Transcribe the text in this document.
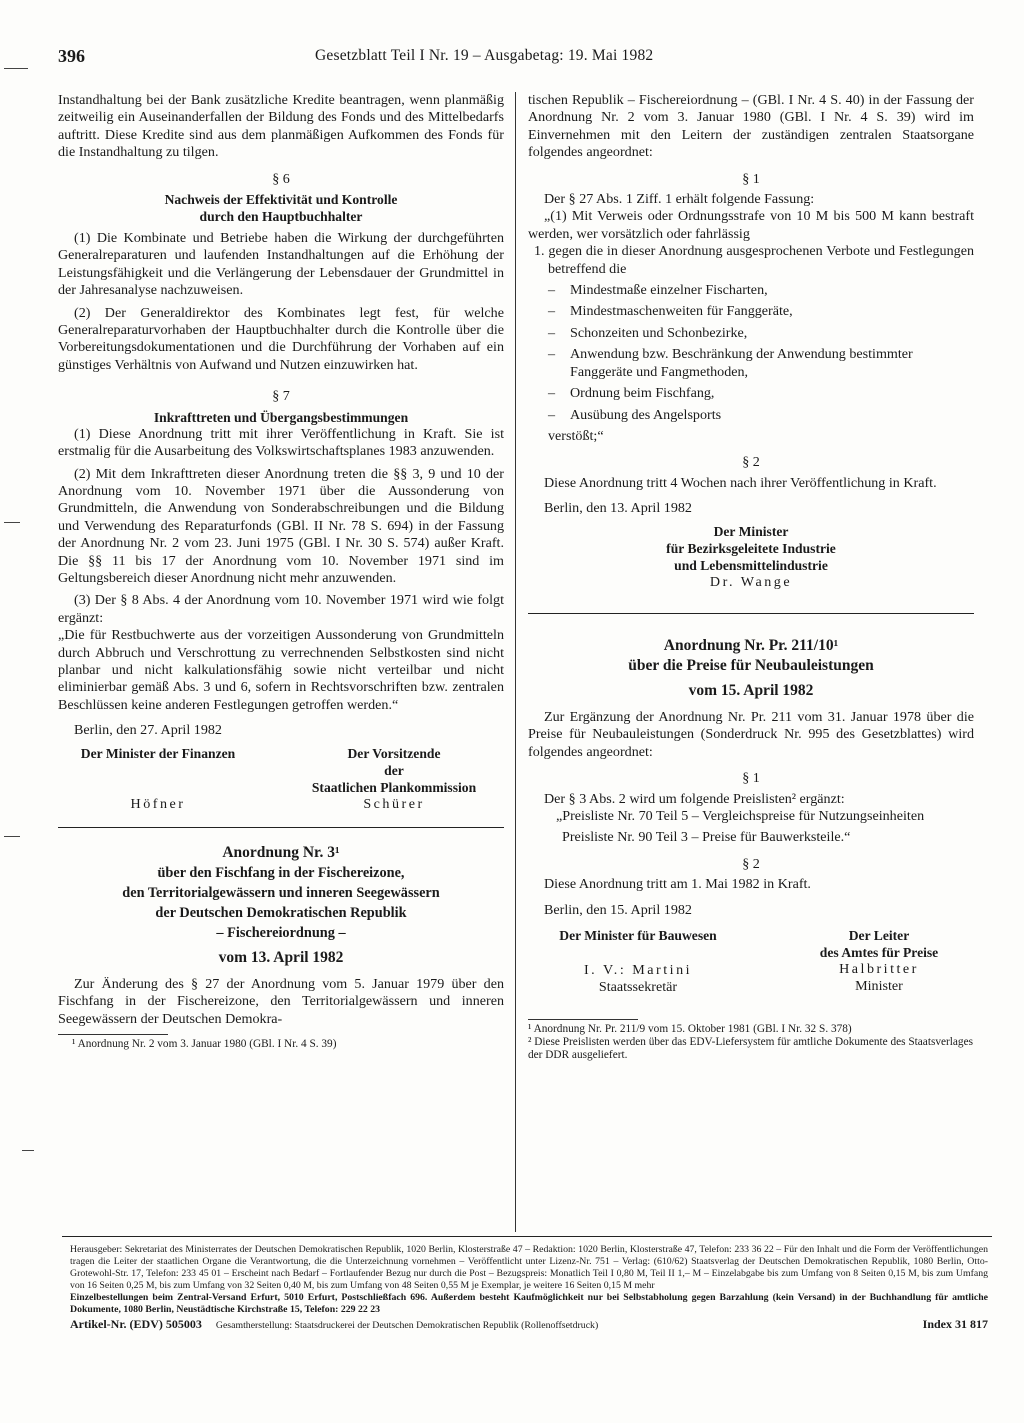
396	Gesetzblatt Teil I Nr. 19 – Ausgabetag: 19. Mai 1982

Instandhaltung bei der Bank zusätzliche Kredite beantragen, wenn planmäßig zeitweilig ein Auseinanderfallen der Bildung des Fonds und des Mittelbedarfs auftritt. Diese Kredite sind aus dem planmäßigen Aufkommen des Fonds für die Instandhaltung zu tilgen.

§ 6
Nachweis der Effektivität und Kontrolle
durch den Hauptbuchhalter

(1) Die Kombinate und Betriebe haben die Wirkung der durchgeführten Generalreparaturen und laufenden Instandhaltungen auf die Erhöhung der Leistungsfähigkeit und die Verlängerung der Lebensdauer der Grundmittel in der Jahresanalyse nachzuweisen.

(2) Der Generaldirektor des Kombinates legt fest, für welche Generalreparaturvorhaben der Hauptbuchhalter durch die Kontrolle über die Vorbereitungsdokumentationen und die Durchführung der Vorhaben auf ein günstiges Verhältnis von Aufwand und Nutzen einzuwirken hat.

§ 7
Inkrafttreten und Übergangsbestimmungen

(1) Diese Anordnung tritt mit ihrer Veröffentlichung in Kraft. Sie ist erstmalig für die Ausarbeitung des Volkswirtschaftsplanes 1983 anzuwenden.

(2) Mit dem Inkrafttreten dieser Anordnung treten die §§ 3, 9 und 10 der Anordnung vom 10. November 1971 über die Aussonderung von Grundmitteln, die Anwendung von Sonderabschreibungen und die Bildung und Verwendung des Reparaturfonds (GBl. II Nr. 78 S. 694) in der Fassung der Anordnung Nr. 2 vom 23. Juni 1975 (GBl. I Nr. 30 S. 574) außer Kraft. Die §§ 11 bis 17 der Anordnung vom 10. November 1971 sind im Geltungsbereich dieser Anordnung nicht mehr anzuwenden.

(3) Der § 8 Abs. 4 der Anordnung vom 10. November 1971 wird wie folgt ergänzt:

„Die für Restbuchwerte aus der vorzeitigen Aussonderung von Grundmitteln durch Abbruch und Verschrottung zu verrechnenden Selbstkosten sind nicht planbar und nicht kalkulationsfähig sowie nicht verteilbar und nicht eliminierbar gemäß Abs. 3 und 6, sofern in Rechtsvorschriften bzw. zentralen Beschlüssen keine anderen Festlegungen getroffen werden.“

Berlin, den 27. April 1982

Der Minister der Finanzen
Höfner
Der Vorsitzende
der
Staatlichen Plankommission
Schürer
Anordnung Nr. 3¹
über den Fischfang in der Fischereizone,
den Territorialgewässern und inneren Seegewässern
der Deutschen Demokratischen Republik
– Fischereiordnung –
vom 13. April 1982

Zur Änderung des § 27 der Anordnung vom 5. Januar 1979 über den Fischfang in der Fischereizone, den Territorialgewässern und inneren Seegewässern der Deutschen Demokra-

¹ Anordnung Nr. 2 vom 3. Januar 1980 (GBl. I Nr. 4 S. 39)

tischen Republik – Fischereiordnung – (GBl. I Nr. 4 S. 40) in der Fassung der Anordnung Nr. 2 vom 3. Januar 1980 (GBl. I Nr. 4 S. 39) wird im Einvernehmen mit den Leitern der zuständigen zentralen Staatsorgane folgendes angeordnet:

§ 1

Der § 27 Abs. 1 Ziff. 1 erhält folgende Fassung:

„(1) Mit Verweis oder Ordnungsstrafe von 10 M bis 500 M kann bestraft werden, wer vorsätzlich oder fahrlässig

1. gegen die in dieser Anordnung ausgesprochenen Verbote und Festlegungen betreffend die

– Mindestmaße einzelner Fischarten,
– Mindestmaschenweiten für Fanggeräte,
– Schonzeiten und Schonbezirke,
– Anwendung bzw. Beschränkung der Anwendung bestimmter Fanggeräte und Fangmethoden,
– Ordnung beim Fischfang,
– Ausübung des Angelsports

verstößt;“

§ 2

Diese Anordnung tritt 4 Wochen nach ihrer Veröffentlichung in Kraft.

Berlin, den 13. April 1982

Der Minister
für Bezirksgeleitete Industrie
und Lebensmittelindustrie
Dr. Wange
Anordnung Nr. Pr. 211/10¹
über die Preise für Neubauleistungen
vom 15. April 1982

Zur Ergänzung der Anordnung Nr. Pr. 211 vom 31. Januar 1978 über die Preise für Neubauleistungen (Sonderdruck Nr. 995 des Gesetzblattes) wird folgendes angeordnet:

§ 1

Der § 3 Abs. 2 wird um folgende Preislisten² ergänzt:

„Preisliste Nr. 70 Teil 5 – Vergleichspreise für Nutzungseinheiten

Preisliste Nr. 90 Teil 3 – Preise für Bauwerksteile.“

§ 2

Diese Anordnung tritt am 1. Mai 1982 in Kraft.

Berlin, den 15. April 1982

Der Minister für Bauwesen
I. V.: Martini
Staatssekretär
Der Leiter
des Amtes für Preise
Halbritter
Minister
¹ Anordnung Nr. Pr. 211/9 vom 15. Oktober 1981 (GBl. I Nr. 32 S. 378)
² Diese Preislisten werden über das EDV-Liefersystem für amtliche Dokumente des Staatsverlages der DDR ausgeliefert.
Herausgeber: Sekretariat des Ministerrates der Deutschen Demokratischen Republik, 1020 Berlin, Klosterstraße 47 – Redaktion: 1020 Berlin, Klosterstraße 47, Telefon: 233 36 22 – Für den Inhalt und die Form der Veröffentlichungen tragen die Leiter der staatlichen Organe die Verantwortung, die die Unterzeichnung vornehmen – Veröffentlicht unter Lizenz-Nr. 751 – Verlag: (610/62) Staatsverlag der Deutschen Demokratischen Republik, 1080 Berlin, Otto-Grotewohl-Str. 17, Telefon: 233 45 01 – Erscheint nach Bedarf – Fortlaufender Bezug nur durch die Post – Bezugspreis: Monatlich Teil I 0,80 M, Teil II 1,– M – Einzelabgabe bis zum Umfang von 8 Seiten 0,15 M, bis zum Umfang von 16 Seiten 0,25 M, bis zum Umfang von 32 Seiten 0,40 M, bis zum Umfang von 48 Seiten 0,55 M je Exemplar, je weitere 16 Seiten 0,15 M mehr
Einzelbestellungen beim Zentral-Versand Erfurt, 5010 Erfurt, Postschließfach 696. Außerdem besteht Kaufmöglichkeit nur bei Selbstabholung gegen Barzahlung (kein Versand) in der Buchhandlung für amtliche Dokumente, 1080 Berlin, Neustädtische Kirchstraße 15, Telefon: 229 22 23
Artikel-Nr. (EDV) 505003	Gesamtherstellung: Staatsdruckerei der Deutschen Demokratischen Republik (Rollenoffsetdruck)	Index 31 817
